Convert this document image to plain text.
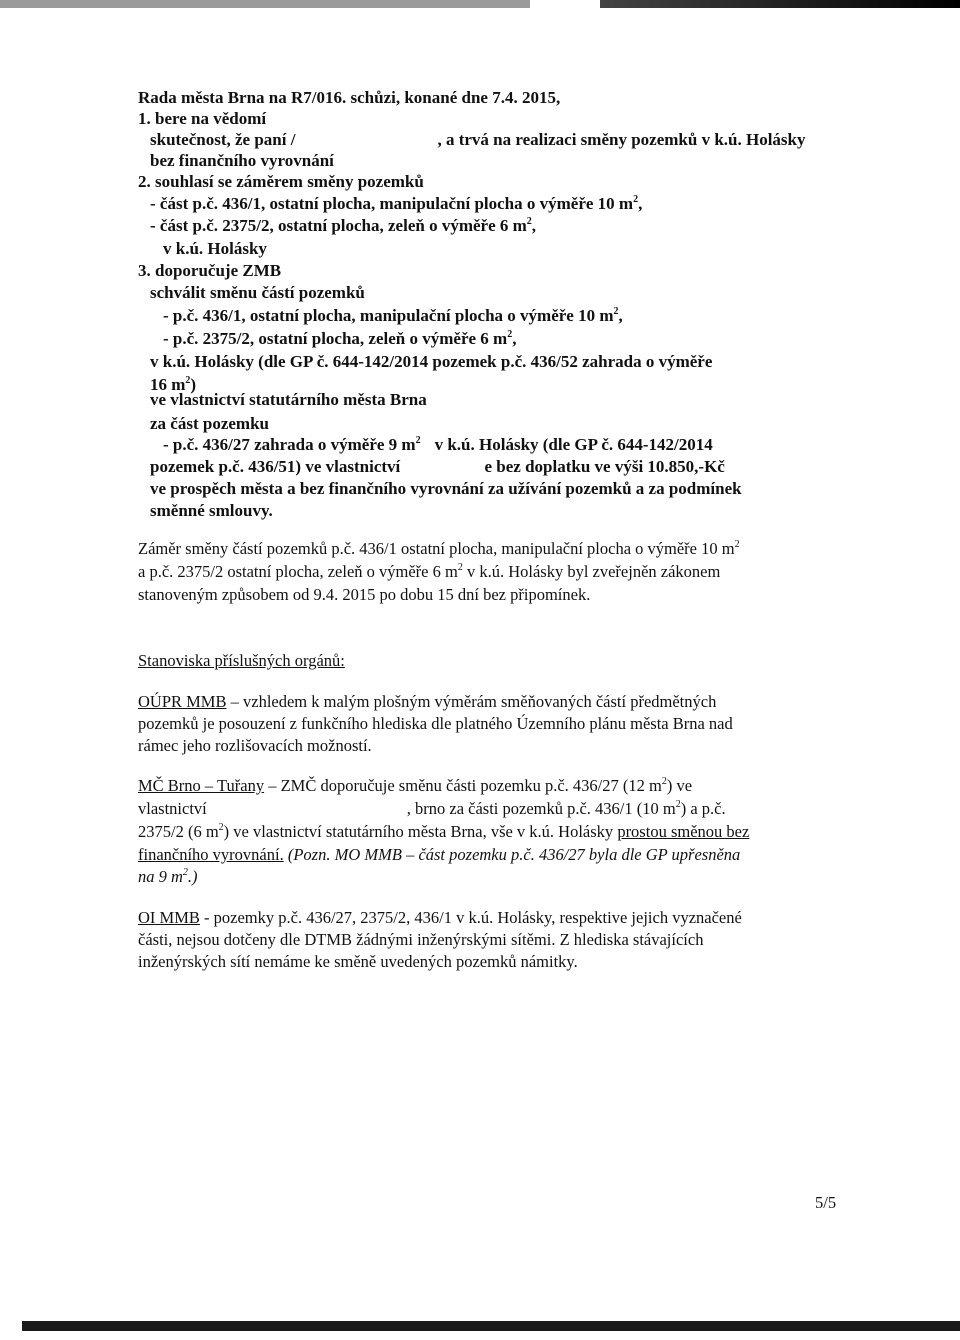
Rada města Brna na R7/016. schůzi, konané dne 7.4. 2015,
1. bere na vědomí
skutečnost, že paní /	, a trvá na realizaci směny pozemků v k.ú. Holásky
bez finančního vyrovnání
2. souhlasí se záměrem směny pozemků
- část p.č. 436/1, ostatní plocha, manipulační plocha o výměře 10 $m^2$,
- část p.č. 2375/2, ostatní plocha, zeleň o výměře 6 $m^2$,
v k.ú. Holásky
3. doporučuje ZMB
schválit směnu částí pozemků
- p.č. 436/1, ostatní plocha, manipulační plocha o výměře 10 $m^2$,
- p.č. 2375/2, ostatní plocha, zeleň o výměře 6 $m^2$,
v k.ú. Holásky (dle GP č. 644-142/2014 pozemek p.č. 436/52 zahrada o výměře
16 $m^2$)
ve vlastnictví statutárního města Brna
za část pozemku
- p.č. 436/27 zahrada o výměře 9 $m^2$ v k.ú. Holásky (dle GP č. 644-142/2014
pozemek p.č. 436/51) ve vlastnictví	e bez doplatku ve výši 10.850,-Kč
ve prospěch města a bez finančního vyrovnání za užívání pozemků a za podmínek
směnné smlouvy.
Záměr směny částí pozemků p.č. 436/1 ostatní plocha, manipulační plocha o výměře 10 $m^2$
a p.č. 2375/2 ostatní plocha, zeleň o výměře 6 $m^2$ v k.ú. Holásky byl zveřejněn zákonem
stanoveným způsobem od 9.4. 2015 po dobu 15 dní bez připomínek.
Stanoviska příslušných orgánů:
OÚPR MMB – vzhledem k malým plošným výměrám směňovaných částí předmětných
pozemků je posouzení z funkčního hlediska dle platného Územního plánu města Brna nad
rámec jeho rozlišovacích možností.
MČ Brno – Tuřany – ZMČ doporučuje směnu části pozemku p.č. 436/27 (12 $m^2$) ve
vlastnictví	, brno za části pozemků p.č. 436/1 (10 $m^2$) a p.č.
2375/2 (6 $m^2$) ve vlastnictví statutárního města Brna, vše v k.ú. Holásky prostou směnou bez
finančního vyrovnání. (Pozn. MO MMB – část pozemku p.č. 436/27 byla dle GP upřesněna
na 9 $m^2$.)
OI MMB - pozemky p.č. 436/27, 2375/2, 436/1 v k.ú. Holásky, respektive jejich vyznačené
části, nejsou dotčeny dle DTMB žádnými inženýrskými sítěmi. Z hlediska stávajících
inženýrských sítí nemáme ke směně uvedených pozemků námitky.
5/5
